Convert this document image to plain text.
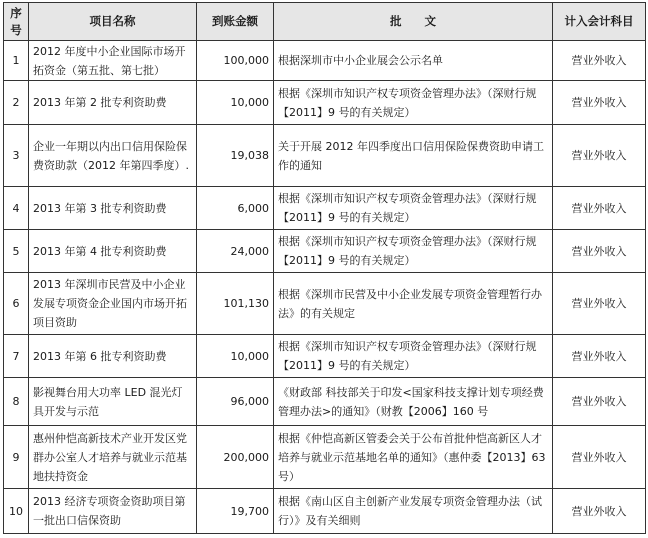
序号	项目名称	到账金额	批　　文	计入会计科目
1	2012 年度中小企业国际市场开拓资金（第五批、第七批）	100,000	根据深圳市中小企业展会公示名单	营业外收入
2	2013 年第 2 批专利资助费	10,000	根据《深圳市知识产权专项资金管理办法》（深财行规【2011】9 号的有关规定）	营业外收入
3	企业一年期以内出口信用保险保费资助款（2012 年第四季度）.	19,038	关于开展 2012 年四季度出口信用保险保费资助申请工作的通知	营业外收入
4	2013 年第 3 批专利资助费	6,000	根据《深圳市知识产权专项资金管理办法》（深财行规【2011】9 号的有关规定）	营业外收入
5	2013 年第 4 批专利资助费	24,000	根据《深圳市知识产权专项资金管理办法》（深财行规【2011】9 号的有关规定）	营业外收入
6	2013 年深圳市民营及中小企业发展专项资金企业国内市场开拓项目资助	101,130	根据《深圳市民营及中小企业发展专项资金管理暂行办法》的有关规定	营业外收入
7	2013 年第 6 批专利资助费	10,000	根据《深圳市知识产权专项资金管理办法》（深财行规【2011】9 号的有关规定）	营业外收入
8	影视舞台用大功率 LED 混光灯具开发与示范	96,000	《财政部 科技部关于印发<国家科技支撑计划专项经费管理办法>的通知》（财教【2006】160 号	营业外收入
9	惠州仲恺高新技术产业开发区党群办公室人才培养与就业示范基地扶持资金	200,000	根据《仲恺高新区管委会关于公布首批仲恺高新区人才培养与就业示范基地名单的通知》（惠仲委【2013】63 号）	营业外收入
10	2013 经济专项资金资助项目第一批出口信保资助	19,700	根据《南山区自主创新产业发展专项资金管理办法（试行）》及有关细则	营业外收入
